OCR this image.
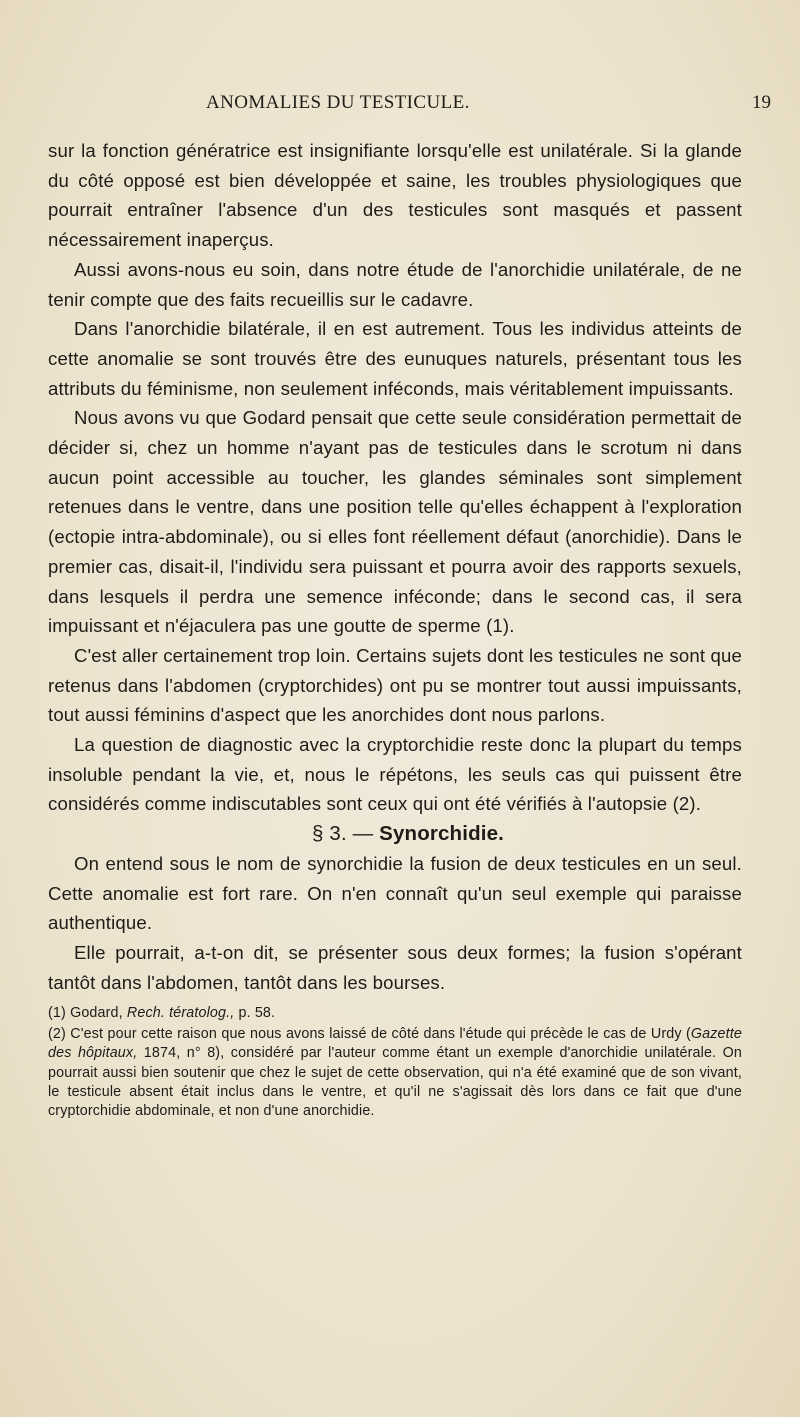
ANOMALIES DU TESTICULE.	19

sur la fonction génératrice est insignifiante lorsqu'elle est unilatérale. Si la glande du côté opposé est bien développée et saine, les troubles physiologiques que pourrait entraîner l'absence d'un des testicules sont masqués et passent nécessairement inaperçus.

Aussi avons-nous eu soin, dans notre étude de l'anorchidie unilatérale, de ne tenir compte que des faits recueillis sur le cadavre.

Dans l'anorchidie bilatérale, il en est autrement. Tous les individus atteints de cette anomalie se sont trouvés être des eunuques naturels, présentant tous les attributs du féminisme, non seulement inféconds, mais véritablement impuissants.

Nous avons vu que Godard pensait que cette seule considération permettait de décider si, chez un homme n'ayant pas de testicules dans le scrotum ni dans aucun point accessible au toucher, les glandes séminales sont simplement retenues dans le ventre, dans une position telle qu'elles échappent à l'exploration (ectopie intra-abdominale), ou si elles font réellement défaut (anorchidie). Dans le premier cas, disait-il, l'individu sera puissant et pourra avoir des rapports sexuels, dans lesquels il perdra une semence inféconde; dans le second cas, il sera impuissant et n'éjaculera pas une goutte de sperme (1).

C'est aller certainement trop loin. Certains sujets dont les testicules ne sont que retenus dans l'abdomen (cryptorchides) ont pu se montrer tout aussi impuissants, tout aussi féminins d'aspect que les anorchides dont nous parlons.

La question de diagnostic avec la cryptorchidie reste donc la plupart du temps insoluble pendant la vie, et, nous le répétons, les seuls cas qui puissent être considérés comme indiscutables sont ceux qui ont été vérifiés à l'autopsie (2).

§ 3. — Synorchidie.

On entend sous le nom de synorchidie la fusion de deux testicules en un seul. Cette anomalie est fort rare. On n'en connaît qu'un seul exemple qui paraisse authentique.

Elle pourrait, a-t-on dit, se présenter sous deux formes; la fusion s'opérant tantôt dans l'abdomen, tantôt dans les bourses.

(1) Godard, Rech. tératolog., p. 58.

(2) C'est pour cette raison que nous avons laissé de côté dans l'étude qui précède le cas de Urdy (Gazette des hôpitaux, 1874, n° 8), considéré par l'auteur comme étant un exemple d'anorchidie unilatérale. On pourrait aussi bien soutenir que chez le sujet de cette observation, qui n'a été examiné que de son vivant, le testicule absent était inclus dans le ventre, et qu'il ne s'agissait dès lors dans ce fait que d'une cryptorchidie abdominale, et non d'une anorchidie.
